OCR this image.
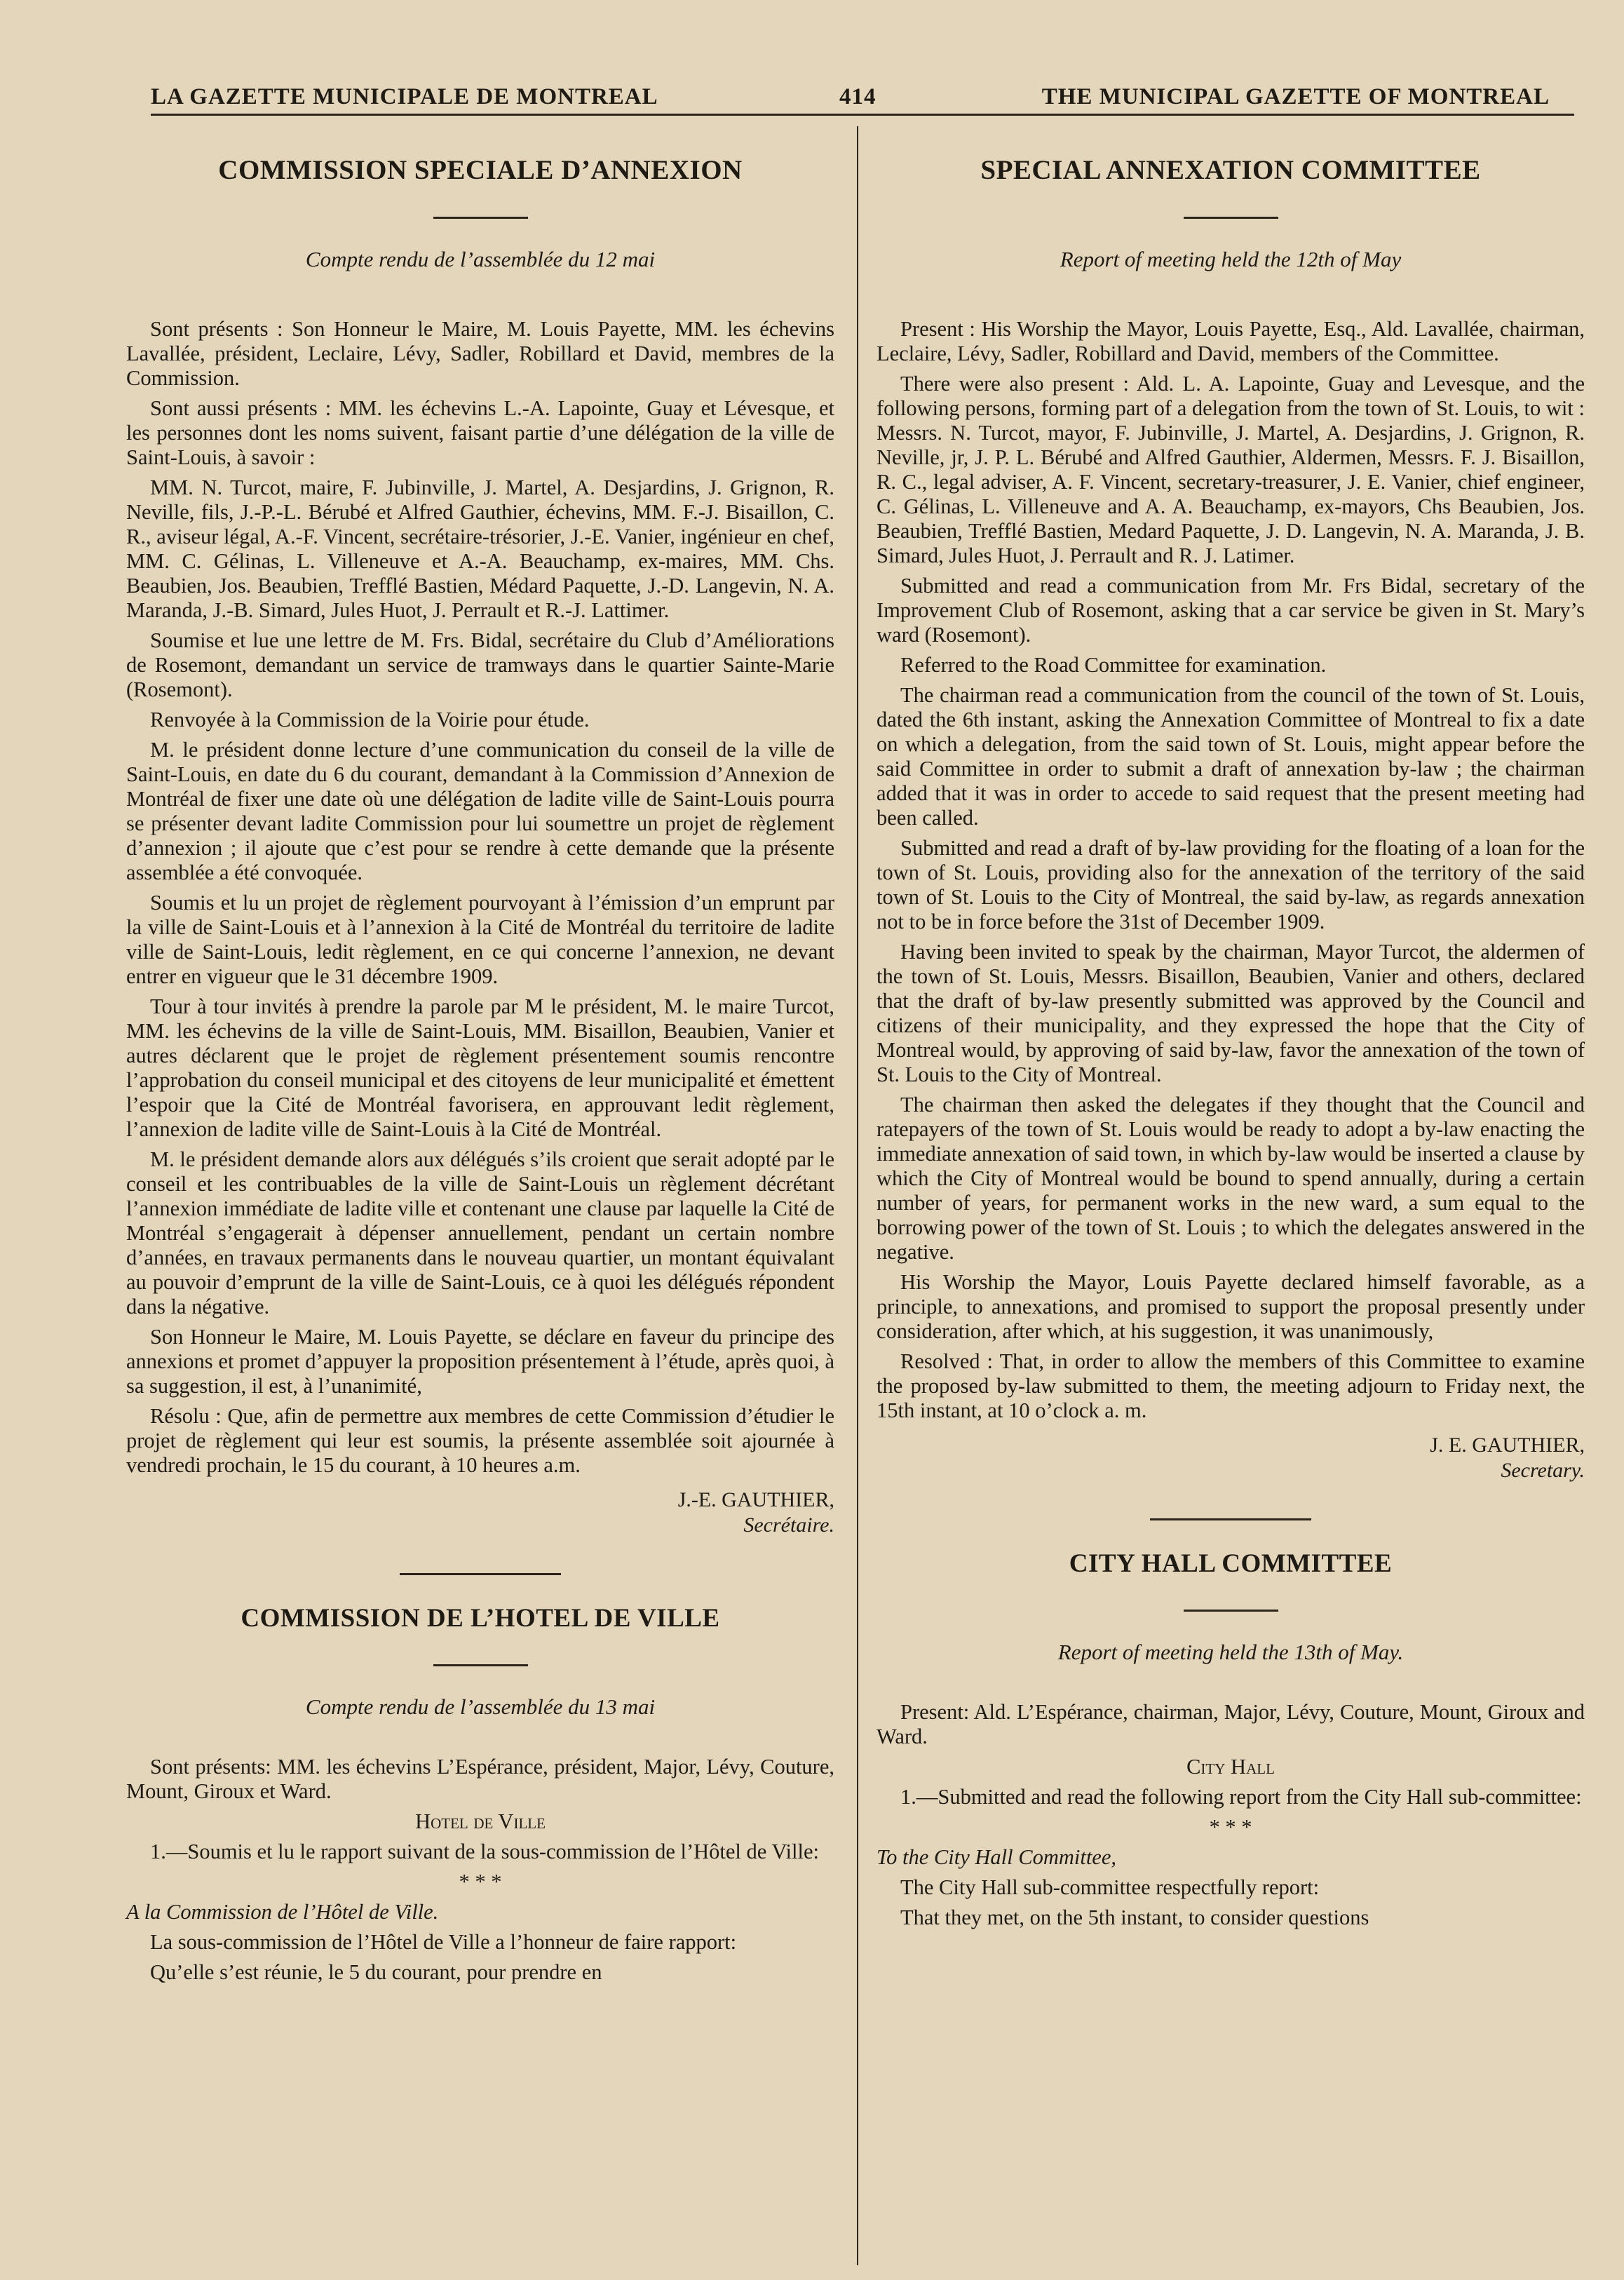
LA GAZETTE MUNICIPALE DE MONTREAL	414	THE MUNICIPAL GAZETTE OF MONTREAL
COMMISSION SPECIALE D’ANNEXION
Compte rendu de l’assemblée du 12 mai

Sont présents : Son Honneur le Maire, M. Louis Payette, MM. les échevins Lavallée, président, Leclaire, Lévy, Sadler, Robillard et David, membres de la Commission.

Sont aussi présents : MM. les échevins L.-A. Lapointe, Guay et Lévesque, et les personnes dont les noms suivent, faisant partie d’une délégation de la ville de Saint-Louis, à savoir :

MM. N. Turcot, maire, F. Jubinville, J. Martel, A. Desjardins, J. Grignon, R. Neville, fils, J.-P.-L. Bérubé et Alfred Gauthier, échevins, MM. F.-J. Bisaillon, C. R., aviseur légal, A.-F. Vincent, secrétaire-trésorier, J.-E. Vanier, ingénieur en chef, MM. C. Gélinas, L. Villeneuve et A.-A. Beauchamp, ex-maires, MM. Chs. Beaubien, Jos. Beaubien, Trefflé Bastien, Médard Paquette, J.-D. Langevin, N. A. Maranda, J.-B. Simard, Jules Huot, J. Perrault et R.-J. Lattimer.

Soumise et lue une lettre de M. Frs. Bidal, secrétaire du Club d’Améliorations de Rosemont, demandant un service de tramways dans le quartier Sainte-Marie (Rosemont).

Renvoyée à la Commission de la Voirie pour étude.

M. le président donne lecture d’une communication du conseil de la ville de Saint-Louis, en date du 6 du courant, demandant à la Commission d’Annexion de Montréal de fixer une date où une délégation de ladite ville de Saint-Louis pourra se présenter devant ladite Commission pour lui soumettre un projet de règlement d’annexion ; il ajoute que c’est pour se rendre à cette demande que la présente assemblée a été convoquée.

Soumis et lu un projet de règlement pourvoyant à l’émission d’un emprunt par la ville de Saint-Louis et à l’annexion à la Cité de Montréal du territoire de ladite ville de Saint-Louis, ledit règlement, en ce qui concerne l’annexion, ne devant entrer en vigueur que le 31 décembre 1909.

Tour à tour invités à prendre la parole par M le président, M. le maire Turcot, MM. les échevins de la ville de Saint-Louis, MM. Bisaillon, Beaubien, Vanier et autres déclarent que le projet de règlement présentement soumis rencontre l’approbation du conseil municipal et des citoyens de leur municipalité et émettent l’espoir que la Cité de Montréal favorisera, en approuvant ledit règlement, l’annexion de ladite ville de Saint-Louis à la Cité de Montréal.

M. le président demande alors aux délégués s’ils croient que serait adopté par le conseil et les contribuables de la ville de Saint-Louis un règlement décrétant l’annexion immédiate de ladite ville et contenant une clause par laquelle la Cité de Montréal s’engagerait à dépenser annuellement, pendant un certain nombre d’années, en travaux permanents dans le nouveau quartier, un montant équivalant au pouvoir d’emprunt de la ville de Saint-Louis, ce à quoi les délégués répondent dans la négative.

Son Honneur le Maire, M. Louis Payette, se déclare en faveur du principe des annexions et promet d’appuyer la proposition présentement à l’étude, après quoi, à sa suggestion, il est, à l’unanimité,

Résolu : Que, afin de permettre aux membres de cette Commission d’étudier le projet de règlement qui leur est soumis, la présente assemblée soit ajournée à vendredi prochain, le 15 du courant, à 10 heures a.m.

J.-E. GAUTHIER,
Secrétaire.
COMMISSION DE L’HOTEL DE VILLE
Compte rendu de l’assemblée du 13 mai

Sont présents: MM. les échevins L’Espérance, président, Major, Lévy, Couture, Mount, Giroux et Ward.

Hotel de Ville

1.—Soumis et lu le rapport suivant de la sous-commission de l’Hôtel de Ville:

* * *

A la Commission de l’Hôtel de Ville.

La sous-commission de l’Hôtel de Ville a l’honneur de faire rapport:

Qu’elle s’est réunie, le 5 du courant, pour prendre en

SPECIAL ANNEXATION COMMITTEE
Report of meeting held the 12th of May

Present : His Worship the Mayor, Louis Payette, Esq., Ald. Lavallée, chairman, Leclaire, Lévy, Sadler, Robillard and David, members of the Committee.

There were also present : Ald. L. A. Lapointe, Guay and Levesque, and the following persons, forming part of a delegation from the town of St. Louis, to wit : Messrs. N. Turcot, mayor, F. Jubinville, J. Martel, A. Desjardins, J. Grignon, R. Neville, jr, J. P. L. Bérubé and Alfred Gauthier, Aldermen, Messrs. F. J. Bisaillon, R. C., legal adviser, A. F. Vincent, secretary-treasurer, J. E. Vanier, chief engineer, C. Gélinas, L. Villeneuve and A. A. Beauchamp, ex-mayors, Chs Beaubien, Jos. Beaubien, Trefflé Bastien, Medard Paquette, J. D. Langevin, N. A. Maranda, J. B. Simard, Jules Huot, J. Perrault and R. J. Latimer.

Submitted and read a communication from Mr. Frs Bidal, secretary of the Improvement Club of Rosemont, asking that a car service be given in St. Mary’s ward (Rosemont).

Referred to the Road Committee for examination.

The chairman read a communication from the council of the town of St. Louis, dated the 6th instant, asking the Annexation Committee of Montreal to fix a date on which a delegation, from the said town of St. Louis, might appear before the said Committee in order to submit a draft of annexation by-law ; the chairman added that it was in order to accede to said request that the present meeting had been called.

Submitted and read a draft of by-law providing for the floating of a loan for the town of St. Louis, providing also for the annexation of the territory of the said town of St. Louis to the City of Montreal, the said by-law, as regards annexation not to be in force before the 31st of December 1909.

Having been invited to speak by the chairman, Mayor Turcot, the aldermen of the town of St. Louis, Messrs. Bisaillon, Beaubien, Vanier and others, declared that the draft of by-law presently submitted was approved by the Council and citizens of their municipality, and they expressed the hope that the City of Montreal would, by approving of said by-law, favor the annexation of the town of St. Louis to the City of Montreal.

The chairman then asked the delegates if they thought that the Council and ratepayers of the town of St. Louis would be ready to adopt a by-law enacting the immediate annexation of said town, in which by-law would be inserted a clause by which the City of Montreal would be bound to spend annually, during a certain number of years, for permanent works in the new ward, a sum equal to the borrowing power of the town of St. Louis ; to which the delegates answered in the negative.

His Worship the Mayor, Louis Payette declared himself favorable, as a principle, to annexations, and promised to support the proposal presently under consideration, after which, at his suggestion, it was unanimously,

Resolved : That, in order to allow the members of this Committee to examine the proposed by-law submitted to them, the meeting adjourn to Friday next, the 15th instant, at 10 o’clock a. m.

J. E. GAUTHIER,
Secretary.
CITY HALL COMMITTEE
Report of meeting held the 13th of May.

Present: Ald. L’Espérance, chairman, Major, Lévy, Couture, Mount, Giroux and Ward.

City Hall

1.—Submitted and read the following report from the City Hall sub-committee:

* * *

To the City Hall Committee,

The City Hall sub-committee respectfully report:

That they met, on the 5th instant, to consider questions
